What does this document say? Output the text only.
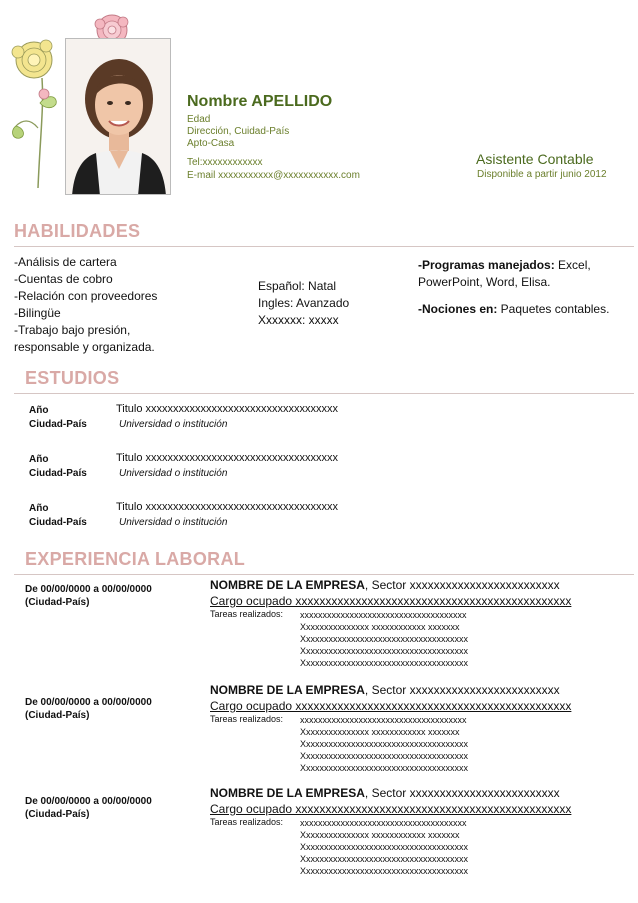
Nombre APELLIDO
Edad
Dirección, Cuidad-País
Apto-Casa
Tel:xxxxxxxxxxxx
E-mail xxxxxxxxxxx@xxxxxxxxxxx.com
Asistente Contable
Disponible a partir junio 2012
HABILIDADES
-Análisis de cartera
-Cuentas de cobro
-Relación con proveedores
-Bilingüe
-Trabajo bajo presión,
responsable y organizada.
Español: Natal
Ingles: Avanzado
Xxxxxxx: xxxxx
-Programas manejados: Excel,
PowerPoint, Word, Elisa.
-Nociones en: Paquetes contables.
ESTUDIOS
Año	Titulo xxxxxxxxxxxxxxxxxxxxxxxxxxxxxxxxxxx
Ciudad-País	Universidad o institución
Año	Titulo xxxxxxxxxxxxxxxxxxxxxxxxxxxxxxxxxxx
Ciudad-País	Universidad o institución
Año	Titulo xxxxxxxxxxxxxxxxxxxxxxxxxxxxxxxxxxx
Ciudad-País	Universidad o institución
EXPERIENCIA LABORAL
De 00/00/0000 a 00/00/0000
(Ciudad-País)
NOMBRE DE LA EMPRESA, Sector xxxxxxxxxxxxxxxxxxxxxxxxx
Cargo ocupado xxxxxxxxxxxxxxxxxxxxxxxxxxxxxxxxxxxxxxxxxxxxxx
Tareas realizados: xxxxxxxxxxxxxxxxxxxxxxxxxxxxxxxxxxxxx
Xxxxxxxxxxxxxxx xxxxxxxxxxxx xxxxxxx
Xxxxxxxxxxxxxxxxxxxxxxxxxxxxxxxxxxxxx
Xxxxxxxxxxxxxxxxxxxxxxxxxxxxxxxxxxxxx
Xxxxxxxxxxxxxxxxxxxxxxxxxxxxxxxxxxxxx
De 00/00/0000 a 00/00/0000
(Ciudad-País)
NOMBRE DE LA EMPRESA, Sector xxxxxxxxxxxxxxxxxxxxxxxxx
Cargo ocupado xxxxxxxxxxxxxxxxxxxxxxxxxxxxxxxxxxxxxxxxxxxxxx
Tareas realizados: xxxxxxxxxxxxxxxxxxxxxxxxxxxxxxxxxxxxx
Xxxxxxxxxxxxxxx xxxxxxxxxxxx xxxxxxx
Xxxxxxxxxxxxxxxxxxxxxxxxxxxxxxxxxxxxx
Xxxxxxxxxxxxxxxxxxxxxxxxxxxxxxxxxxxxx
Xxxxxxxxxxxxxxxxxxxxxxxxxxxxxxxxxxxxx
De 00/00/0000 a 00/00/0000
(Ciudad-País)
NOMBRE DE LA EMPRESA, Sector xxxxxxxxxxxxxxxxxxxxxxxxx
Cargo ocupado xxxxxxxxxxxxxxxxxxxxxxxxxxxxxxxxxxxxxxxxxxxxxx
Tareas realizados: xxxxxxxxxxxxxxxxxxxxxxxxxxxxxxxxxxxxx
Xxxxxxxxxxxxxxx xxxxxxxxxxxx xxxxxxx
Xxxxxxxxxxxxxxxxxxxxxxxxxxxxxxxxxxxxx
Xxxxxxxxxxxxxxxxxxxxxxxxxxxxxxxxxxxxx
Xxxxxxxxxxxxxxxxxxxxxxxxxxxxxxxxxxxxx
